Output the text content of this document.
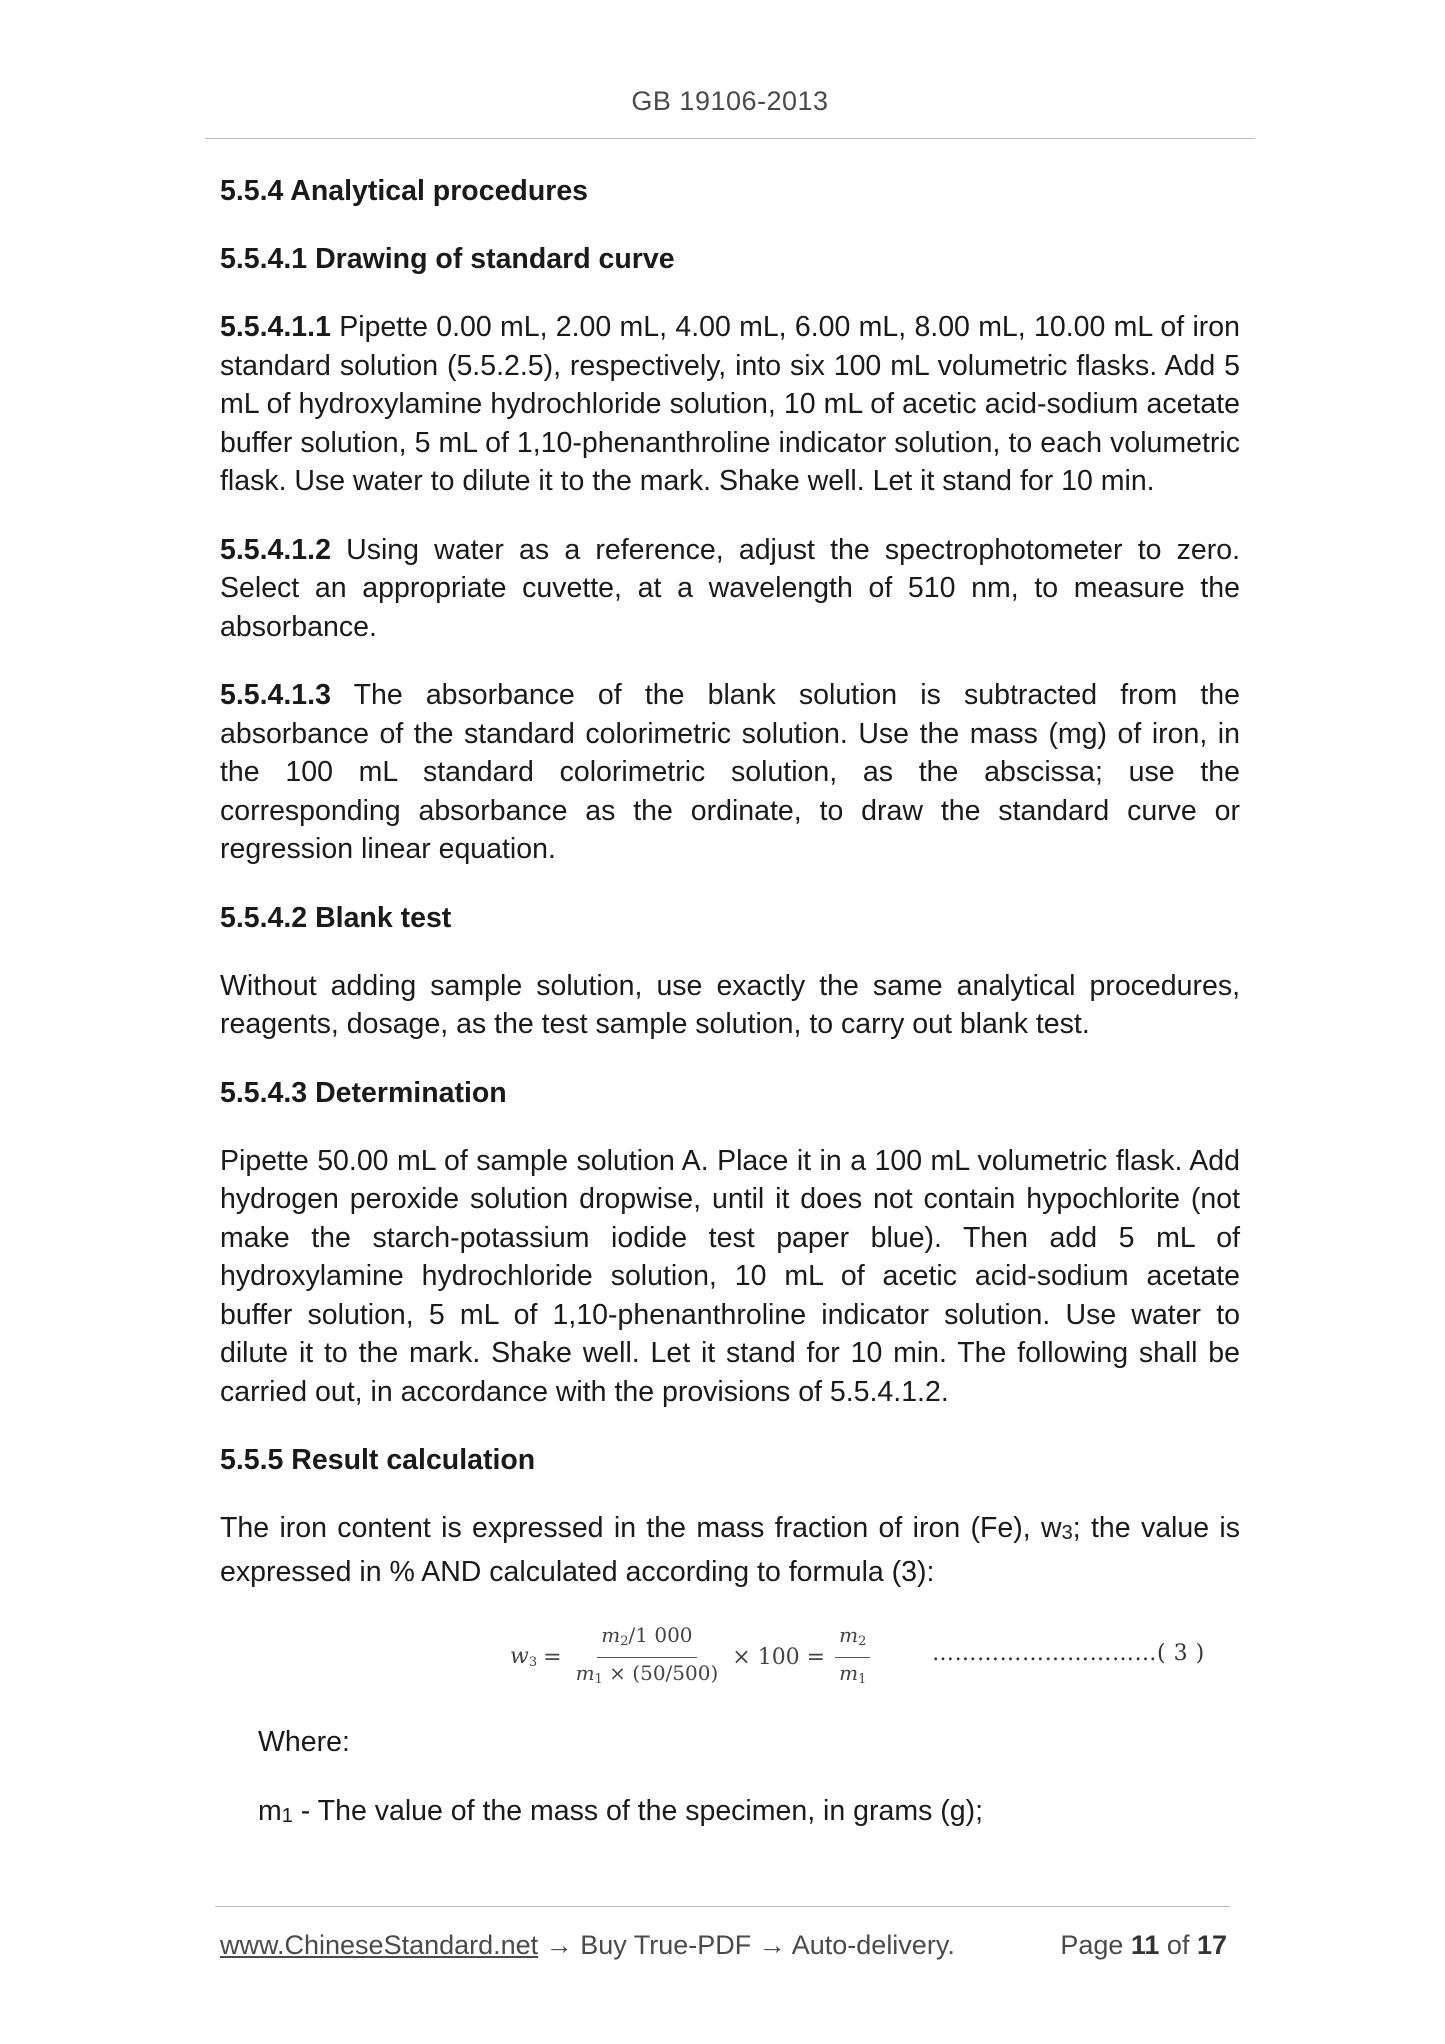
GB 19106-2013
5.5.4 Analytical procedures
5.5.4.1 Drawing of standard curve
5.5.4.1.1 Pipette 0.00 mL, 2.00 mL, 4.00 mL, 6.00 mL, 8.00 mL, 10.00 mL of iron standard solution (5.5.2.5), respectively, into six 100 mL volumetric flasks. Add 5 mL of hydroxylamine hydrochloride solution, 10 mL of acetic acid-sodium acetate buffer solution, 5 mL of 1,10-phenanthroline indicator solution, to each volumetric flask. Use water to dilute it to the mark. Shake well. Let it stand for 10 min.
5.5.4.1.2 Using water as a reference, adjust the spectrophotometer to zero. Select an appropriate cuvette, at a wavelength of 510 nm, to measure the absorbance.
5.5.4.1.3 The absorbance of the blank solution is subtracted from the absorbance of the standard colorimetric solution. Use the mass (mg) of iron, in the 100 mL standard colorimetric solution, as the abscissa; use the corresponding absorbance as the ordinate, to draw the standard curve or regression linear equation.
5.5.4.2 Blank test
Without adding sample solution, use exactly the same analytical procedures, reagents, dosage, as the test sample solution, to carry out blank test.
5.5.4.3 Determination
Pipette 50.00 mL of sample solution A. Place it in a 100 mL volumetric flask. Add hydrogen peroxide solution dropwise, until it does not contain hypochlorite (not make the starch-potassium iodide test paper blue). Then add 5 mL of hydroxylamine hydrochloride solution, 10 mL of acetic acid-sodium acetate buffer solution, 5 mL of 1,10-phenanthroline indicator solution. Use water to dilute it to the mark. Shake well. Let it stand for 10 min. The following shall be carried out, in accordance with the provisions of 5.5.4.1.2.
5.5.5 Result calculation
The iron content is expressed in the mass fraction of iron (Fe), w3; the value is expressed in % AND calculated according to formula (3):
$w3 = \frac{m2/1 000}{m1 \times (50/500)} \times 100 = \frac{m2}{m1}$	…………………………( 3 )
Where:
m1 - The value of the mass of the specimen, in grams (g);
www.ChineseStandard.net → Buy True-PDF → Auto-delivery.	Page 11 of 17
